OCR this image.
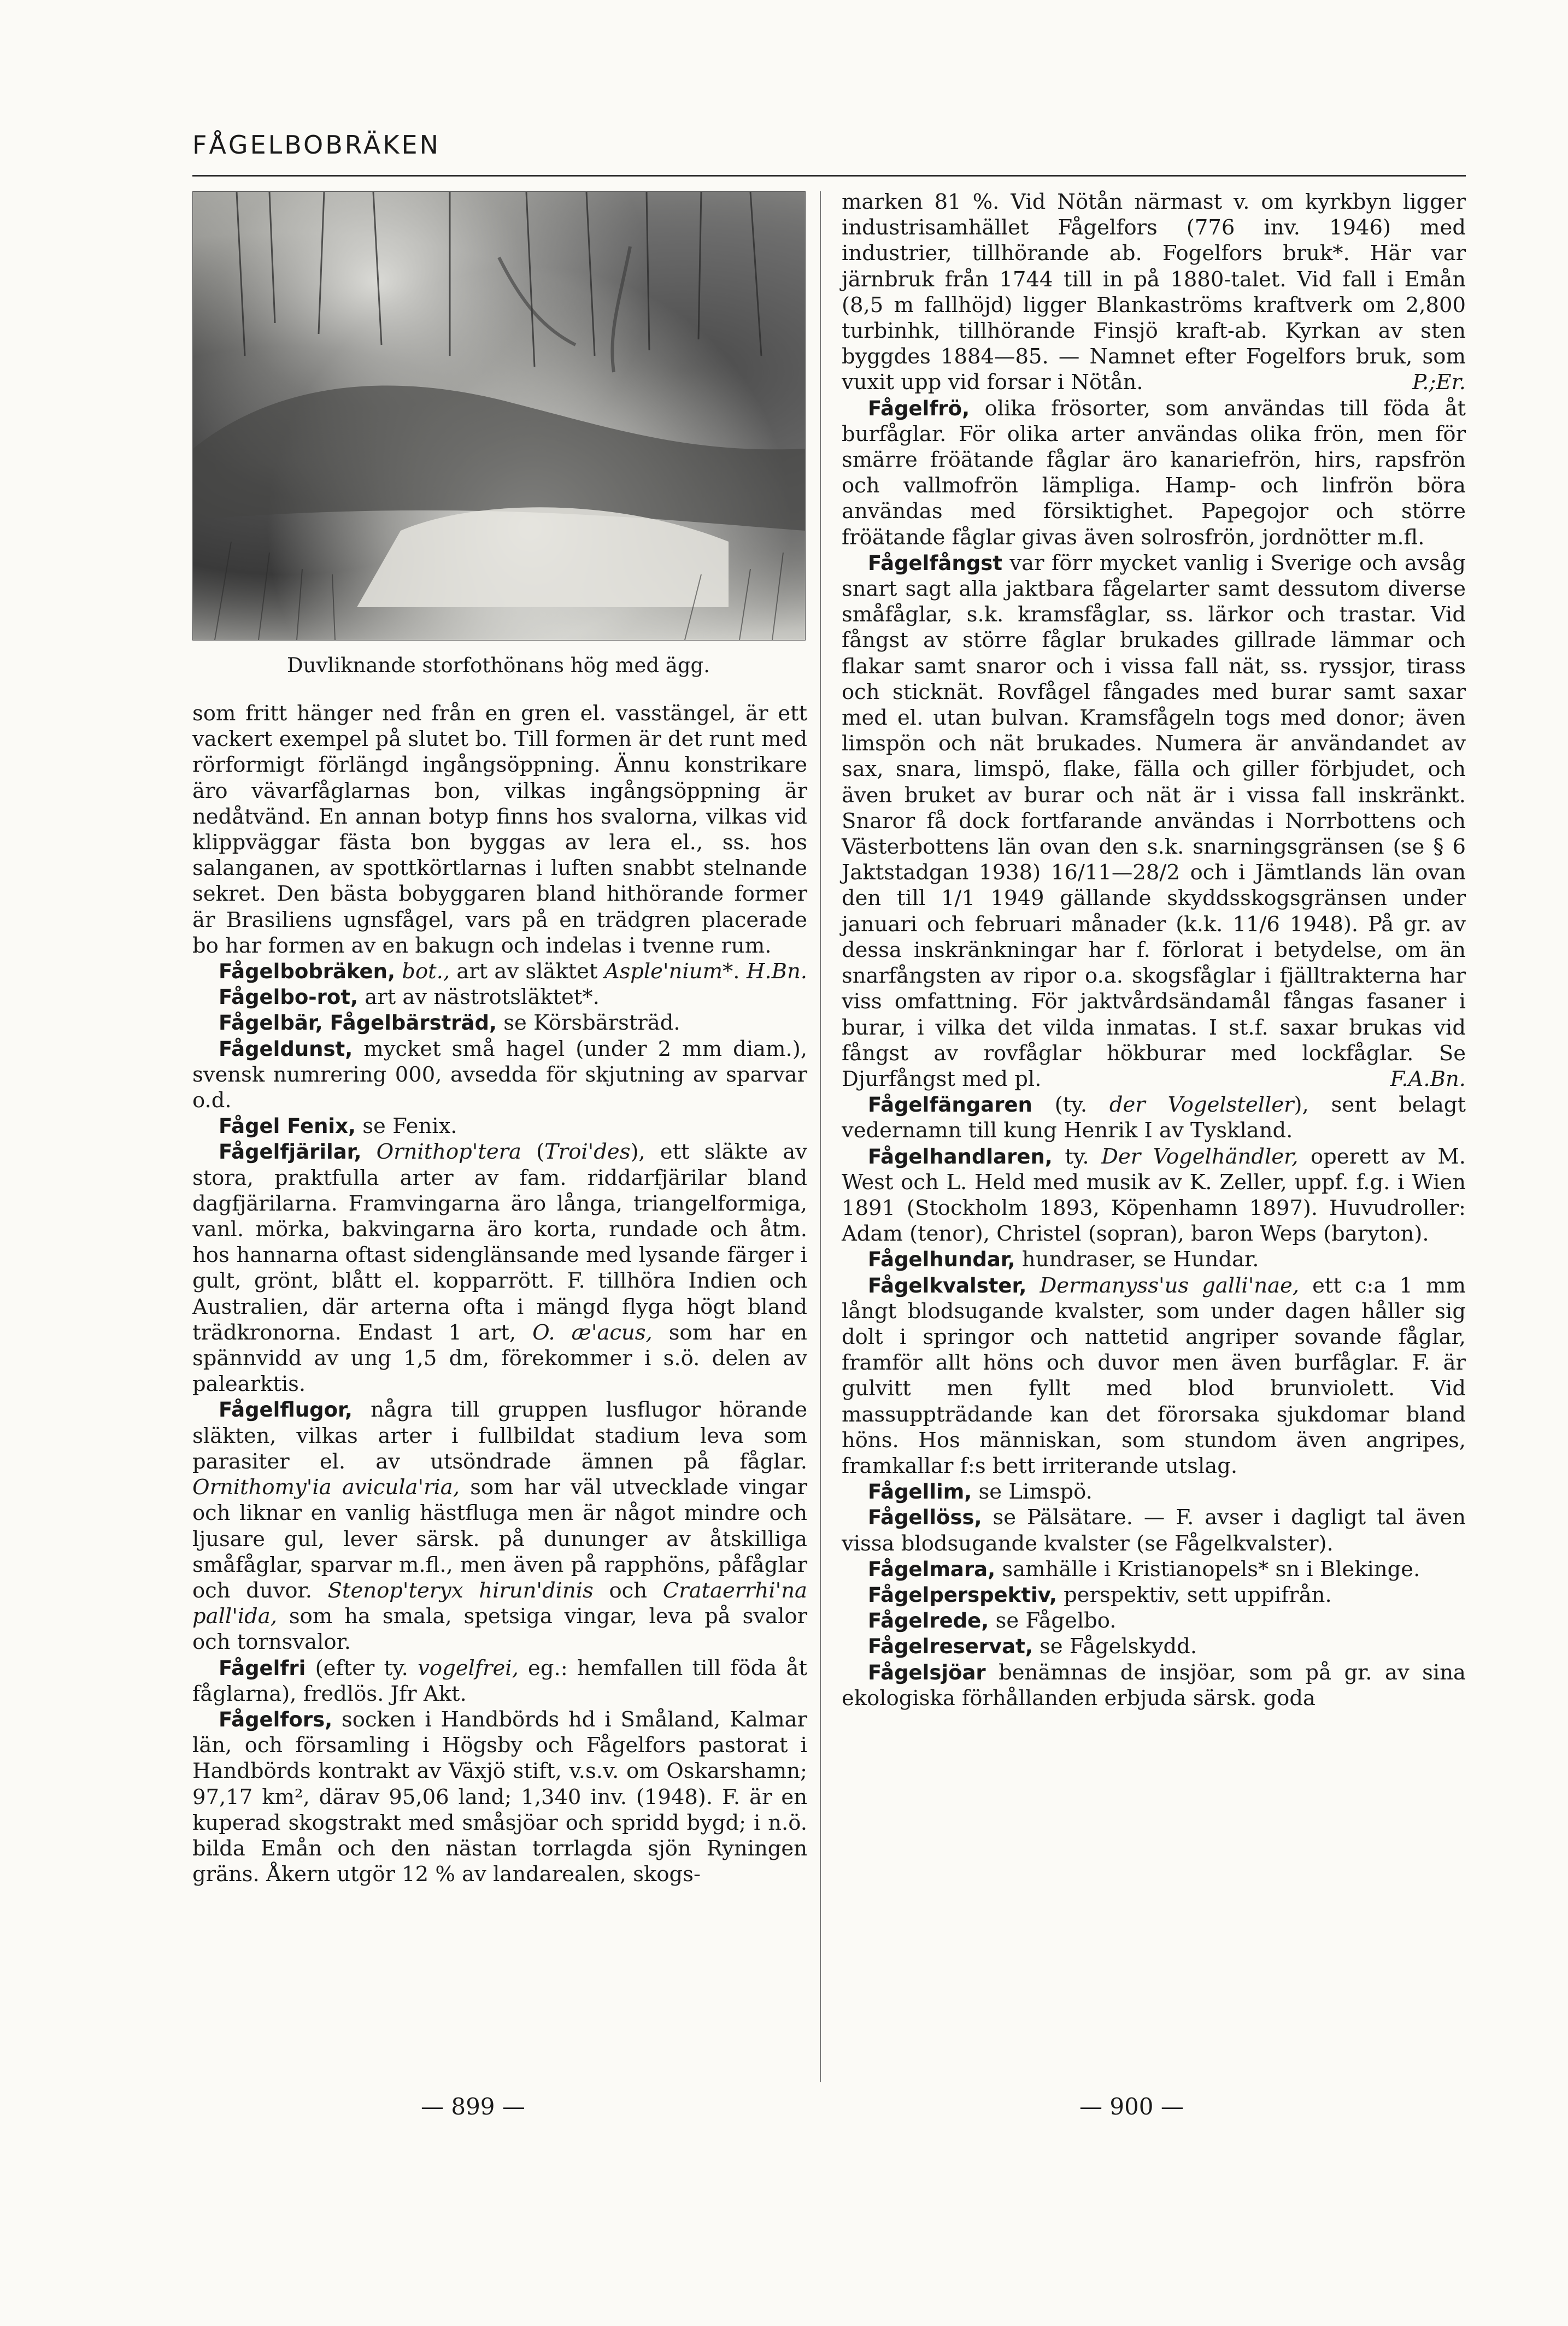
FÅGELBOBRÄKEN
Duvliknande storfothönans hög med ägg.

som fritt hänger ned från en gren el. vasstängel, är ett vackert exempel på slutet bo. Till formen är det runt med rörformigt förlängd ingångsöppning. Ännu konstrikare äro vävarfåglarnas bon, vilkas ingångsöppning är nedåtvänd. En annan botyp finns hos svalorna, vilkas vid klippväggar fästa bon byggas av lera el., ss. hos salanganen, av spottkörtlarnas i luften snabbt stelnande sekret. Den bästa bobyggaren bland hithörande former är Brasiliens ugnsfågel, vars på en trädgren placerade bo har formen av en bakugn och indelas i tvenne rum.
H.Bn.

Fågelbobräken, bot., art av släktet Asple'nium*.

Fågelbo-rot, art av nästrotsläktet*.

Fågelbär, Fågelbärsträd, se Körsbärsträd.

Fågeldunst, mycket små hagel (under 2 mm diam.), svensk numrering 000, avsedda för skjutning av sparvar o.d.

Fågel Fenix, se Fenix.

Fågelfjärilar, Ornithop'tera (Troi'des), ett släkte av stora, praktfulla arter av fam. riddarfjärilar bland dagfjärilarna. Framvingarna äro långa, triangelformiga, vanl. mörka, bakvingarna äro korta, rundade och åtm. hos hannarna oftast sidenglänsande med lysande färger i gult, grönt, blått el. kopparrött. F. tillhöra Indien och Australien, där arterna ofta i mängd flyga högt bland trädkronorna. Endast 1 art, O. æ'acus, som har en spännvidd av ung 1,5 dm, förekommer i s.ö. delen av palearktis.

Fågelflugor, några till gruppen lusflugor hörande släkten, vilkas arter i fullbildat stadium leva som parasiter el. av utsöndrade ämnen på fåglar. Ornithomy'ia avicula'ria, som har väl utvecklade vingar och liknar en vanlig hästfluga men är något mindre och ljusare gul, lever särsk. på dununger av åtskilliga småfåglar, sparvar m.fl., men även på rapphöns, påfåglar och duvor. Stenop'teryx hirun'dinis och Crataerrhi'na pall'ida, som ha smala, spetsiga vingar, leva på svalor och tornsvalor.

Fågelfri (efter ty. vogelfrei, eg.: hemfallen till föda åt fåglarna), fredlös. Jfr Akt.

Fågelfors, socken i Handbörds hd i Småland, Kalmar län, och församling i Högsby och Fågelfors pastorat i Handbörds kontrakt av Växjö stift, v.s.v. om Oskarshamn; 97,17 km², därav 95,06 land; 1,340 inv. (1948). F. är en kuperad skogstrakt med småsjöar och spridd bygd; i n.ö. bilda Emån och den nästan torrlagda sjön Ryningen gräns. Åkern utgör 12 % av landarealen, skogs-

marken 81 %. Vid Nötån närmast v. om kyrkbyn ligger industrisamhället Fågelfors (776 inv. 1946) med industrier, tillhörande ab. Fogelfors bruk*. Här var järnbruk från 1744 till in på 1880-talet. Vid fall i Emån (8,5 m fallhöjd) ligger Blankaströms kraftverk om 2,800 turbinhk, tillhörande Finsjö kraft-ab. Kyrkan av sten byggdes 1884—85. — Namnet efter Fogelfors bruk, som vuxit upp vid forsar i Nötån.	P.;Er.

Fågelfrö, olika frösorter, som användas till föda åt burfåglar. För olika arter användas olika frön, men för smärre fröätande fåglar äro kanariefrön, hirs, rapsfrön och vallmofrön lämpliga. Hamp- och linfrön böra användas med försiktighet. Papegojor och större fröätande fåglar givas även solrosfrön, jordnötter m.fl.

Fågelfångst var förr mycket vanlig i Sverige och avsåg snart sagt alla jaktbara fågelarter samt dessutom diverse småfåglar, s.k. kramsfåglar, ss. lärkor och trastar. Vid fångst av större fåglar brukades gillrade lämmar och flakar samt snaror och i vissa fall nät, ss. ryssjor, tirass och sticknät. Rovfågel fångades med burar samt saxar med el. utan bulvan. Kramsfågeln togs med donor; även limspön och nät brukades. Numera är användandet av sax, snara, limspö, flake, fälla och giller förbjudet, och även bruket av burar och nät är i vissa fall inskränkt. Snaror få dock fortfarande användas i Norrbottens och Västerbottens län ovan den s.k. snarningsgränsen (se § 6 Jaktstadgan 1938) 16/11—28/2 och i Jämtlands län ovan den till 1/1 1949 gällande skyddsskogsgränsen under januari och februari månader (k.k. 11/6 1948). På gr. av dessa inskränkningar har f. förlorat i betydelse, om än snarfångsten av ripor o.a. skogsfåglar i fjälltrakterna har viss omfattning. För jaktvårdsändamål fångas fasaner i burar, i vilka det vilda inmatas. I st.f. saxar brukas vid fångst av rovfåglar hökburar med lockfåglar. Se Djurfångst med pl.	F.A.Bn.

Fågelfängaren (ty. der Vogelsteller), sent belagt vedernamn till kung Henrik I av Tyskland.

Fågelhandlaren, ty. Der Vogelhändler, operett av M. West och L. Held med musik av K. Zeller, uppf. f.g. i Wien 1891 (Stockholm 1893, Köpenhamn 1897). Huvudroller: Adam (tenor), Christel (sopran), baron Weps (baryton).

Fågelhundar, hundraser, se Hundar.

Fågelkvalster, Dermanyss'us galli'nae, ett c:a 1 mm långt blodsugande kvalster, som under dagen håller sig dolt i springor och nattetid angriper sovande fåglar, framför allt höns och duvor men även burfåglar. F. är gulvitt men fyllt med blod brunviolett. Vid massuppträdande kan det förorsaka sjukdomar bland höns. Hos människan, som stundom även angripes, framkallar f:s bett irriterande utslag.

Fågellim, se Limspö.

Fågellöss, se Pälsätare. — F. avser i dagligt tal även vissa blodsugande kvalster (se Fågelkvalster).

Fågelmara, samhälle i Kristianopels* sn i Blekinge.

Fågelperspektiv, perspektiv, sett uppifrån.

Fågelrede, se Fågelbo.

Fågelreservat, se Fågelskydd.

Fågelsjöar benämnas de insjöar, som på gr. av sina ekologiska förhållanden erbjuda särsk. goda

— 899 —	— 900 —
